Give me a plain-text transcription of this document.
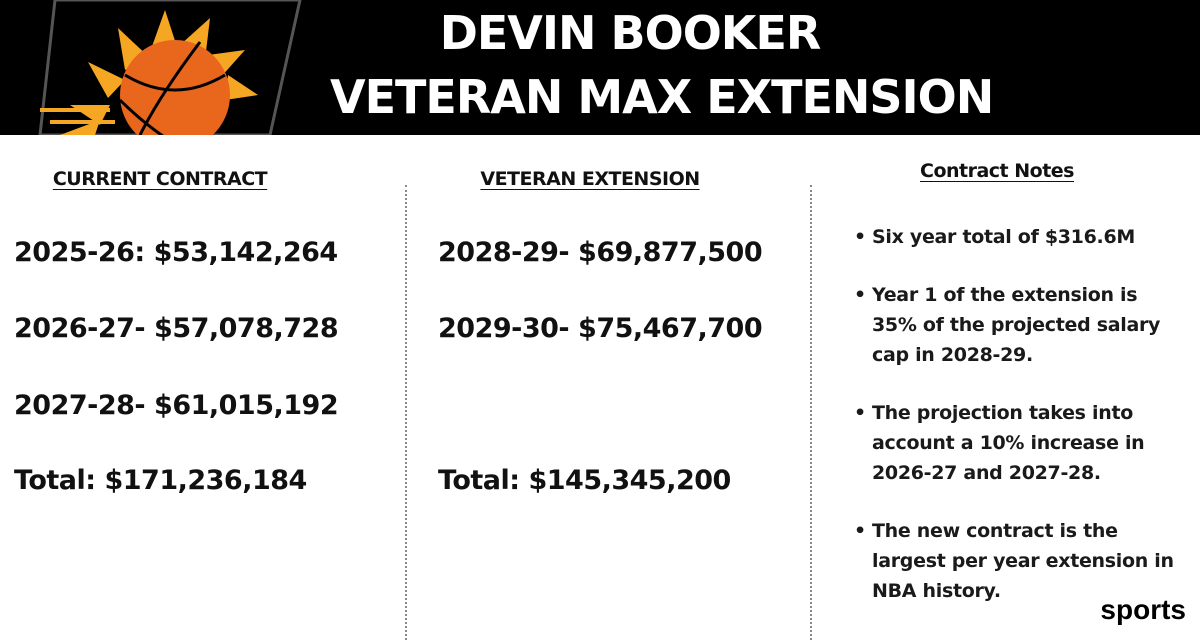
DEVIN BOOKER
VETERAN MAX EXTENSION
CURRENT CONTRACT	VETERAN EXTENSION	Contract Notes
2025-26: $53,142,264
2026-27- $57,078,728
2027-28- $61,015,192
Total: $171,236,184
2028-29- $69,877,500
2029-30- $75,467,700
Total: $145,345,200
• Six year total of $316.6M
• Year 1 of the extension is 35% of the projected salary cap in 2028-29.
• The projection takes into account a 10% increase in 2026-27 and 2027-28.
• The new contract is the largest per year extension in NBA history.
sports
